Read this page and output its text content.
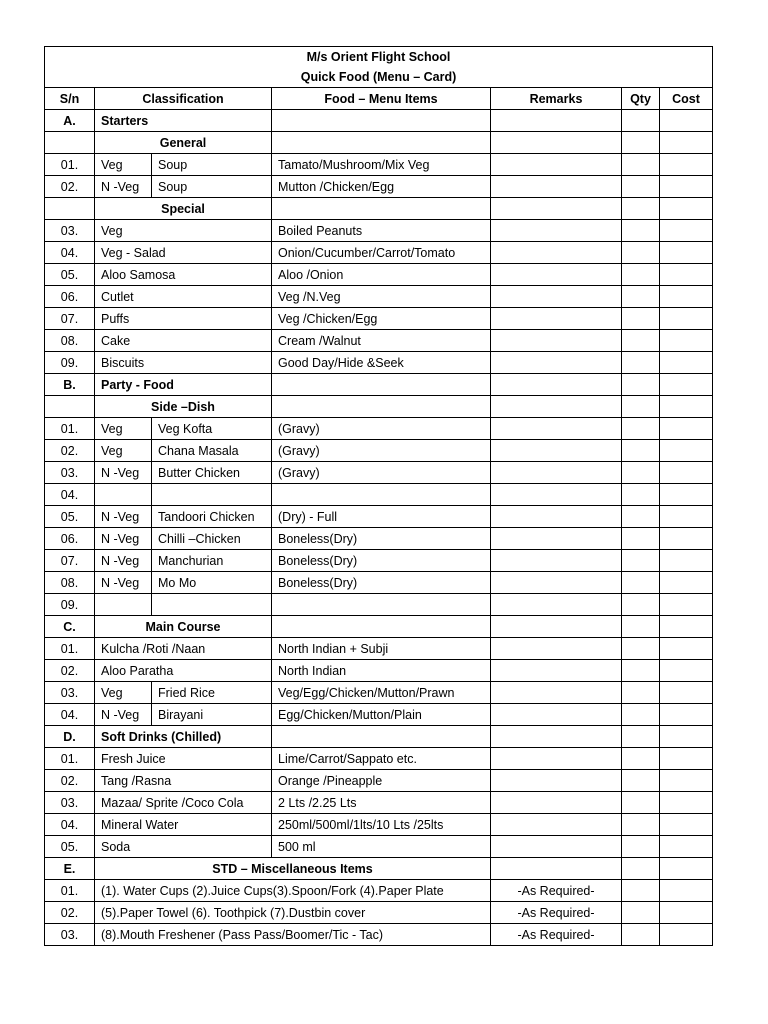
M/s Orient Flight School
Quick Food (Menu – Card)						

S/n	Classification		Food – Menu Items	Remarks	Qty	Cost
A.	Starters					
	General					
01.	Veg	Soup	Tamato/Mushroom/Mix Veg			
02.	N -Veg	Soup	Mutton /Chicken/Egg			
	Special					
03.	Veg		Boiled Peanuts			
04.	Veg - Salad		Onion/Cucumber/Carrot/Tomato			
05.	Aloo Samosa		Aloo /Onion			
06.	Cutlet		Veg /N.Veg			
07.	Puffs		Veg /Chicken/Egg			
08.	Cake		Cream /Walnut			
09.	Biscuits		Good Day/Hide &Seek			
B.	Party - Food					
	Side –Dish					
01.	Veg	Veg Kofta	(Gravy)			
02.	Veg	Chana Masala	(Gravy)			
03.	N -Veg	Butter Chicken	(Gravy)			
04.						
05.	N -Veg	Tandoori Chicken	(Dry) - Full			
06.	N -Veg	Chilli –Chicken	Boneless(Dry)			
07.	N -Veg	Manchurian	Boneless(Dry)			
08.	N -Veg	Mo Mo	Boneless(Dry)			
09.						
C.	Main Course					
01.	Kulcha /Roti /Naan		North Indian + Subji			
02.	Aloo Paratha		North Indian			
03.	Veg	Fried Rice	Veg/Egg/Chicken/Mutton/Prawn			
04.	N -Veg	Birayani	Egg/Chicken/Mutton/Plain			
D.	Soft Drinks (Chilled)					
01.	Fresh Juice		Lime/Carrot/Sappato etc.			
02.	Tang /Rasna		Orange /Pineapple			
03.	Mazaa/ Sprite /Coco Cola		2 Lts /2.25 Lts			
04.	Mineral Water		250ml/500ml/1lts/10 Lts /25lts			
05.	Soda		500 ml			
E.	STD – Miscellaneous Items					
01.	(1). Water Cups (2).Juice Cups(3).Spoon/Fork (4).Paper Plate			-As Required-		
02.	(5).Paper Towel (6). Toothpick (7).Dustbin cover			-As Required-		
03.	(8).Mouth Freshener (Pass Pass/Boomer/Tic - Tac)			-As Required-		
